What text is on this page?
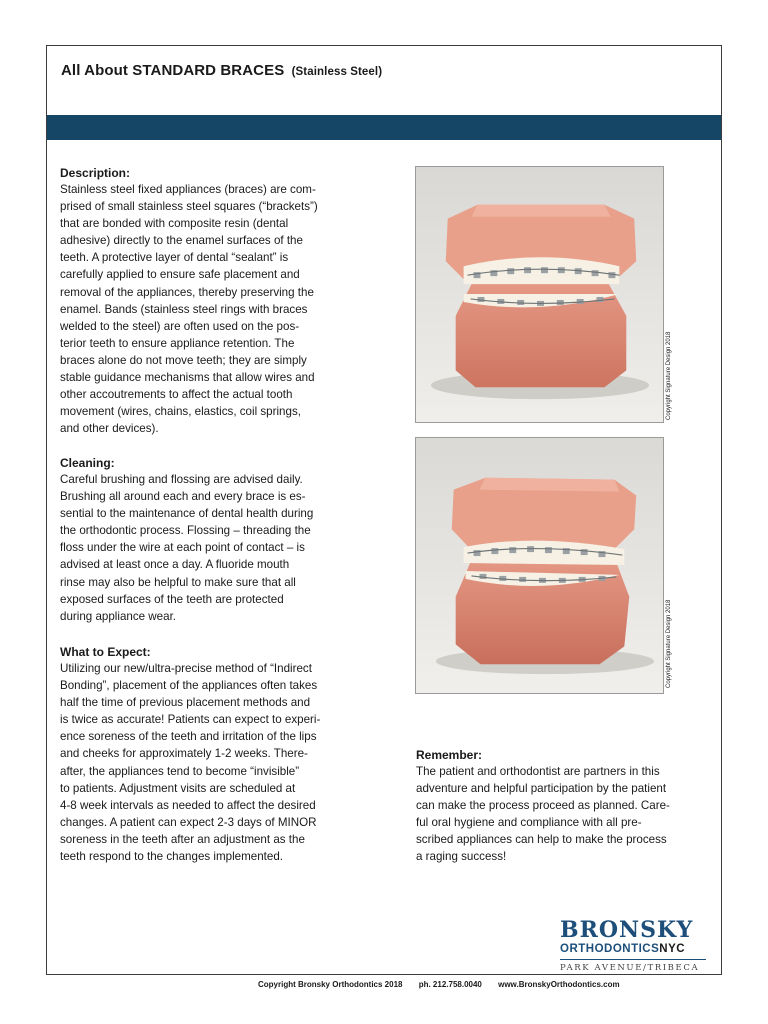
All About STANDARD BRACES (Stainless Steel)
Description:
Stainless steel fixed appliances (braces) are com-
prised of small stainless steel squares (“brackets”)
that are bonded with composite resin (dental
adhesive) directly to the enamel surfaces of the
teeth. A protective layer of dental “sealant” is
carefully applied to ensure safe placement and
removal of the appliances, thereby preserving the
enamel. Bands (stainless steel rings with braces
welded to the steel) are often used on the pos-
terior teeth to ensure appliance retention. The
braces alone do not move teeth; they are simply
stable guidance mechanisms that allow wires and
other accoutrements to affect the actual tooth
movement (wires, chains, elastics, coil springs,
and other devices).
Cleaning:
Careful brushing and flossing are advised daily.
Brushing all around each and every brace is es-
sential to the maintenance of dental health during
the orthodontic process. Flossing – threading the
floss under the wire at each point of contact – is
advised at least once a day. A fluoride mouth
rinse may also be helpful to make sure that all
exposed surfaces of the teeth are protected
during appliance wear.
What to Expect:
Utilizing our new/ultra-precise method of “Indirect
Bonding”, placement of the appliances often takes
half the time of previous placement methods and
is twice as accurate! Patients can expect to experi-
ence soreness of the teeth and irritation of the lips
and cheeks for approximately 1-2 weeks. There-
after, the appliances tend to become “invisible”
to patients. Adjustment visits are scheduled at
4-8 week intervals as needed to affect the desired
changes. A patient can expect 2-3 days of MINOR
soreness in the teeth after an adjustment as the
teeth respond to the changes implemented.
Remember:
The patient and orthodontist are partners in this
adventure and helpful participation by the patient
can make the process proceed as planned. Care-
ful oral hygiene and compliance with all pre-
scribed appliances can help to make the process
a raging success!
Copyright Signature Design 2018
Copyright Signature Design 2018
BRONSKY
ORTHODONTICSNYC
PARK AVENUE/TRIBECA
Copyright Bronsky Orthodontics 2018 ph. 212.758.0040 www.BronskyOrthodontics.com
